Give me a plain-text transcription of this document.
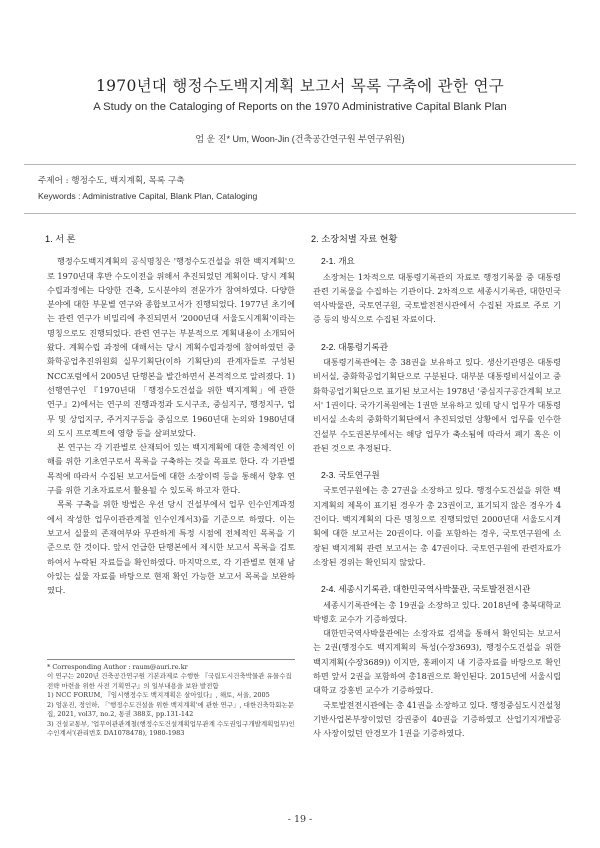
1970년대 행정수도백지계획 보고서 목록 구축에 관한 연구
A Study on the Cataloging of Reports on the 1970 Administrative Capital Blank Plan
엄 운 진* Um, Woon-Jin (건축공간연구원 부연구위원)
주제어 : 행정수도, 백지계획, 목록 구축
Keywords : Administrative Capital, Blank Plan, Cataloging
1. 서 론

행정수도백지계획의 공식명칭은 '행정수도건설을 위한 백지계획'으로 1970년대 후반 수도이전을 위해서 추진되었던 계획이다. 당시 계획수립과정에는 다양한 건축, 도시분야의 전문가가 참여하였다. 다양한 분야에 대한 부문별 연구와 종합보고서가 진행되었다. 1977년 초기에는 관련 연구가 비밀리에 추진되면서 '2000년대 서울도시계획'이라는 명칭으로도 진행되었다. 관련 연구는 부분적으로 계획내용이 소개되어 왔다. 계획수립 과정에 대해서는 당시 계획수립과정에 참여하였던 중화학공업추진위원회 실무기획단(이하 기획단)의 관계자들로 구성된 NCC포럼에서 2005년 단행본을 발간하면서 본격적으로 알려졌다. 1) 선행연구인 『1970년대 「행정수도건설을 위한 백지계획」에 관한 연구』2)에서는 연구의 진행과정과 도시구조, 중심지구, 행정지구, 업무 및 상업지구, 주거지구등을 중심으로 1960년대 논의와 1980년대의 도시 프로젝트에 영향 등을 살펴보았다.

본 연구는 각 기관별로 산재되어 있는 백지계획에 대한 총체적인 이해를 위한 기초연구로서 목록을 구축하는 것을 목표로 한다. 각 기관별 목적에 따라서 수집된 보고서들에 대한 소장이력 등을 통해서 향후 연구를 위한 기초자료로서 활용될 수 있도록 하고자 한다.

목록 구축을 위한 방법은 우선 당시 건설부에서 업무 인수인계과정에서 작성한 업무이관관계철 인수인계서3)를 기준으로 하였다. 이는 보고서 실물의 존재여부와 무관하게 특정 시점에 전체적인 목록을 기준으로 한 것이다. 앞서 언급한 단행본에서 제시한 보고서 목록을 검토하여서 누락된 자료들을 확인하였다. 마지막으로, 각 기관별로 현재 남아있는 실물 자료를 바탕으로 현재 확인 가능한 보고서 목록을 보완하였다.

* Corresponding Author : raum@auri.re.kr
이 연구는 2020년 건축공간연구원 기본과제로 수행한 『국립도시건축박물관 유물수집전략 마련을 위한 사전 기획연구』의 일부내용을 보완 발전함
1) NCC FORUM, 『임시행정수도 백지계획은 살아있다』, 해토, 서울, 2005
2) 엄운진, 정인하, 「'행정수도건설을 위한 백지계획'에 관한 연구」, 대한건축학회논문집, 2021, vol37, no.2, 통권 388호, pp.131-142
3) 건설교통부, '업무이관관계철(행정수도건설계획업무관계 수도권입구개발계획업무)인수인계서'(관리번호 DA1078478), 1980-1983
2. 소장처별 자료 현황
2-1. 개요

소장처는 1차적으로 대통령기록관의 자료로 행정기록물 중 대통령관련 기록물을 수집하는 기관이다. 2차적으로 세종시기록관, 대한민국역사박물관, 국토연구원, 국토발전전시관에서 수집된 자료로 주로 기증 등의 방식으로 수집된 자료이다.

2-2. 대통령기록관

대통령기록관에는 총 38권을 보유하고 있다. 생산기관명은 대통령비서실, 중화학공업기획단으로 구분된다. 대부분 대통령비서실이고 중화학공업기획단으로 표기된 보고서는 1978년 '중심지구공간계획 보고서' 1권이다. 국가기록원에는 1권만 보유하고 있데 당시 업무가 대통령비서실 소속의 중화학기획단에서 추진되었던 상황에서 업무를 인수한 건설부 수도권본부에서는 해당 업무가 축소됨에 따라서 폐기 혹은 이관된 것으로 추정된다.

2-3. 국토연구원

국토연구원에는 총 27권을 소장하고 있다. 행정수도건설을 위한 백지계획의 제목이 표기된 경우가 총 23권이고, 표기되지 않은 경우가 4건이다. 백지계획의 다른 명칭으로 진행되었던 2000년대 서울도시계획에 대한 보고서는 20권이다. 이를 포함하는 경우, 국토연구원에 소장된 백지계획 관련 보고서는 총 47권이다. 국토연구원에 관련자료가 소장된 경위는 확인되지 않았다.

2-4. 세종시기록관, 대한민국역사박물관, 국토발전전시관

세종시기록관에는 총 19권을 소장하고 있다. 2018년에 충북대학교 박병호 교수가 기증하였다.

대한민국역사박물관에는 소장자료 검색을 통해서 확인되는 보고서는 2권(행정수도 백지계획의 특성(수장3693), 행정수도건설을 위한 백지계획(수장3689)) 이지만, 홍페이지 내 기증자료를 바탕으로 확인하면 앞서 2권을 포함하여 총18권으로 확인된다. 2015년에 서울시립대학교 강홍빈 교수가 기증하였다.

국토발전전시관에는 총 41권을 소장하고 있다. 행정중심도시건설청 기반사업본부장이었던 강권중이 40권을 기증하였고 산업기지개발공사 사장이었던 안경모가 1권을 기증하였다.

- 19 -
